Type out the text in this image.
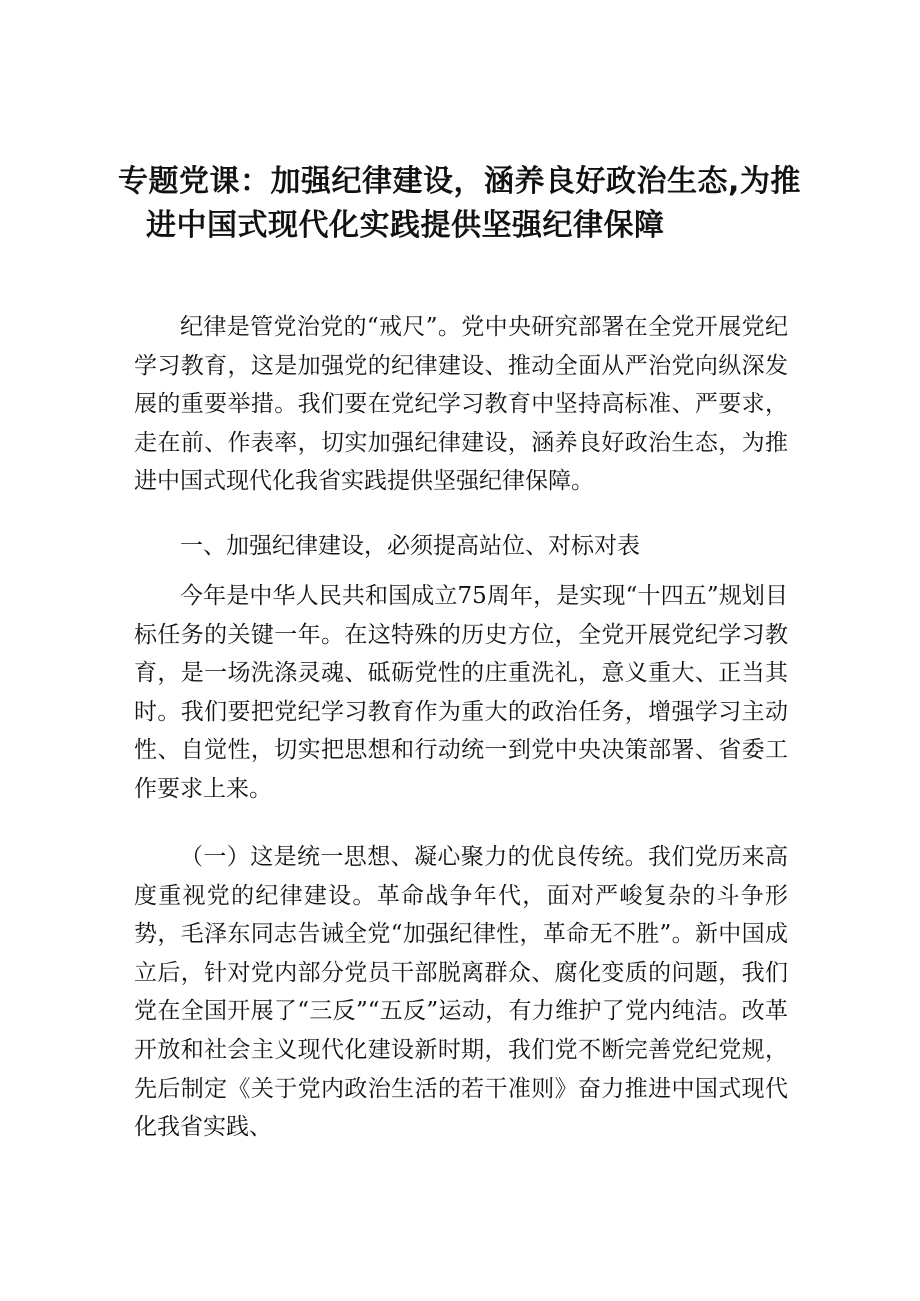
专题党课：加强纪律建设，涵养良好政治生态,为推
进中国式现代化实践提供坚强纪律保障

纪律是管党治党的“戒尺”。党中央研究部署在全党开展党纪学习教育，这是加强党的纪律建设、推动全面从严治党向纵深发展的重要举措。我们要在党纪学习教育中坚持高标准、严要求，走在前、作表率，切实加强纪律建设，涵养良好政治生态，为推进中国式现代化我省实践提供坚强纪律保障。

一、加强纪律建设，必须提高站位、对标对表

今年是中华人民共和国成立75周年，是实现“十四五”规划目标任务的关键一年。在这特殊的历史方位，全党开展党纪学习教育，是一场洗涤灵魂、砥砺党性的庄重洗礼，意义重大、正当其时。我们要把党纪学习教育作为重大的政治任务，增强学习主动性、自觉性，切实把思想和行动统一到党中央决策部署、省委工作要求上来。

（一）这是统一思想、凝心聚力的优良传统。我们党历来高度重视党的纪律建设。革命战争年代，面对严峻复杂的斗争形势，毛泽东同志告诫全党“加强纪律性，革命无不胜”。新中国成立后，针对党内部分党员干部脱离群众、腐化变质的问题，我们党在全国开展了“三反”“五反”运动，有力维护了党内纯洁。改革开放和社会主义现代化建设新时期，我们党不断完善党纪党规，先后制定《关于党内政治生活的若干准则》奋力推进中国式现代化我省实践、
